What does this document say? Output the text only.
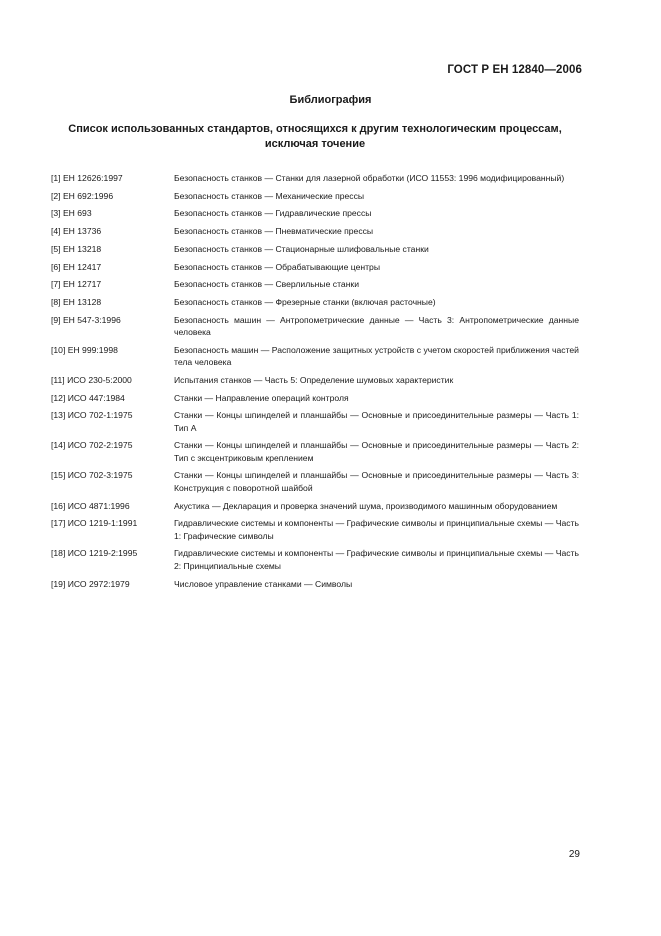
ГОСТ Р ЕН 12840—2006
Библиография
Список использованных стандартов, относящихся к другим технологическим процессам, исключая точение
[1] ЕН 12626:1997	Безопасность станков — Станки для лазерной обработки (ИСО 11553: 1996 модифицированный)
[2] ЕН 692:1996	Безопасность станков — Механические прессы
[3] ЕН 693	Безопасность станков — Гидравлические прессы
[4] ЕН 13736	Безопасность станков — Пневматические прессы
[5] ЕН 13218	Безопасность станков — Стационарные шлифовальные станки
[6] ЕН 12417	Безопасность станков — Обрабатывающие центры
[7] ЕН 12717	Безопасность станков — Сверлильные станки
[8] ЕН 13128	Безопасность станков — Фрезерные станки (включая расточные)
[9] ЕН 547-3:1996	Безопасность машин — Антропометрические данные — Часть 3: Антропометрические данные человека
[10] ЕН 999:1998	Безопасность машин — Расположение защитных устройств с учетом скоростей приближения частей тела человека
[11] ИСО 230-5:2000	Испытания станков — Часть 5: Определение шумовых характеристик
[12] ИСО 447:1984	Станки — Направление операций контроля
[13] ИСО 702-1:1975	Станки — Концы шпинделей и планшайбы — Основные и присоединительные размеры — Часть 1: Тип А
[14] ИСО 702-2:1975	Станки — Концы шпинделей и планшайбы — Основные и присоединительные размеры — Часть 2: Тип с эксцентриковым креплением
[15] ИСО 702-3:1975	Станки — Концы шпинделей и планшайбы — Основные и присоединительные размеры — Часть 3: Конструкция с поворотной шайбой
[16] ИСО 4871:1996	Акустика — Декларация и проверка значений шума, производимого машинным оборудованием
[17] ИСО 1219-1:1991	Гидравлические системы и компоненты — Графические символы и принципиальные схемы — Часть 1: Графические символы
[18] ИСО 1219-2:1995	Гидравлические системы и компоненты — Графические символы и принципиальные схемы — Часть 2: Принципиальные схемы
[19] ИСО 2972:1979	Числовое управление станками — Символы
29
